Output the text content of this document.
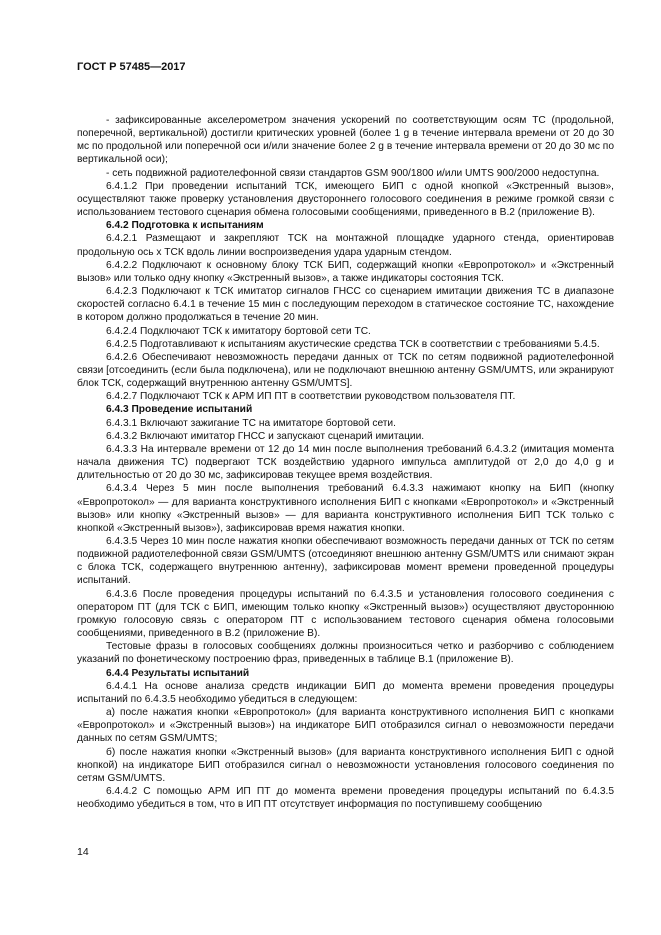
ГОСТ Р 57485—2017

- зафиксированные акселерометром значения ускорений по соответствующим осям ТС (продольной, поперечной, вертикальной) достигли критических уровней (более 1 g в течение интервала времени от 20 до 30 мс по продольной или поперечной оси и/или значение более 2 g в течение интервала времени от 20 до 30 мс по вертикальной оси);

- сеть подвижной радиотелефонной связи стандартов GSM 900/1800 и/или UMTS 900/2000 недоступна.

6.4.1.2 При проведении испытаний ТСК, имеющего БИП с одной кнопкой «Экстренный вызов», осуществляют также проверку установления двустороннего голосового соединения в режиме громкой связи с использованием тестового сценария обмена голосовыми сообщениями, приведенного в В.2 (приложение В).

6.4.2 Подготовка к испытаниям

6.4.2.1 Размещают и закрепляют ТСК на монтажной площадке ударного стенда, ориентировав продольную ось х ТСК вдоль линии воспроизведения удара ударным стендом.

6.4.2.2 Подключают к основному блоку ТСК БИП, содержащий кнопки «Европротокол» и «Экстренный вызов» или только одну кнопку «Экстренный вызов», а также индикаторы состояния ТСК.

6.4.2.3 Подключают к ТСК имитатор сигналов ГНСС со сценарием имитации движения ТС в диапазоне скоростей согласно 6.4.1 в течение 15 мин с последующим переходом в статическое состояние ТС, нахождение в котором должно продолжаться в течение 20 мин.

6.4.2.4 Подключают ТСК к имитатору бортовой сети ТС.

6.4.2.5 Подготавливают к испытаниям акустические средства ТСК в соответствии с требованиями 5.4.5.

6.4.2.6 Обеспечивают невозможность передачи данных от ТСК по сетям подвижной радиотелефонной связи [отсоединить (если была подключена), или не подключают внешнюю антенну GSM/UMTS, или экранируют блок ТСК, содержащий внутреннюю антенну GSM/UMTS].

6.4.2.7 Подключают ТСК к АРМ ИП ПТ в соответствии руководством пользователя ПТ.

6.4.3 Проведение испытаний

6.4.3.1 Включают зажигание ТС на имитаторе бортовой сети.

6.4.3.2 Включают имитатор ГНСС и запускают сценарий имитации.

6.4.3.3 На интервале времени от 12 до 14 мин после выполнения требований 6.4.3.2 (имитация момента начала движения ТС) подвергают ТСК воздействию ударного импульса амплитудой от 2,0 до 4,0 g и длительностью от 20 до 30 мс, зафиксировав текущее время воздействия.

6.4.3.4 Через 5 мин после выполнения требований 6.4.3.3 нажимают кнопку на БИП (кнопку «Европротокол» — для варианта конструктивного исполнения БИП с кнопками «Европротокол» и «Экстренный вызов» или кнопку «Экстренный вызов» — для варианта конструктивного исполнения БИП ТСК только с кнопкой «Экстренный вызов»), зафиксировав время нажатия кнопки.

6.4.3.5 Через 10 мин после нажатия кнопки обеспечивают возможность передачи данных от ТСК по сетям подвижной радиотелефонной связи GSM/UMTS (отсоединяют внешнюю антенну GSM/UMTS или снимают экран с блока ТСК, содержащего внутреннюю антенну), зафиксировав момент времени проведенной процедуры испытаний.

6.4.3.6 После проведения процедуры испытаний по 6.4.3.5 и установления голосового соединения с оператором ПТ (для ТСК с БИП, имеющим только кнопку «Экстренный вызов») осуществляют двустороннюю громкую голосовую связь с оператором ПТ с использованием тестового сценария обмена голосовыми сообщениями, приведенного в В.2 (приложение В).

Тестовые фразы в голосовых сообщениях должны произноситься четко и разборчиво с соблюдением указаний по фонетическому построению фраз, приведенных в таблице В.1 (приложение В).

6.4.4 Результаты испытаний

6.4.4.1 На основе анализа средств индикации БИП до момента времени проведения процедуры испытаний по 6.4.3.5 необходимо убедиться в следующем:

а) после нажатия кнопки «Европротокол» (для варианта конструктивного исполнения БИП с кнопками «Европротокол» и «Экстренный вызов») на индикаторе БИП отобразился сигнал о невозможности передачи данных по сетям GSM/UMTS;

б) после нажатия кнопки «Экстренный вызов» (для варианта конструктивного исполнения БИП с одной кнопкой) на индикаторе БИП отобразился сигнал о невозможности установления голосового соединения по сетям GSM/UMTS.

6.4.4.2 С помощью АРМ ИП ПТ до момента времени проведения процедуры испытаний по 6.4.3.5 необходимо убедиться в том, что в ИП ПТ отсутствует информация по поступившему сообщению

14
